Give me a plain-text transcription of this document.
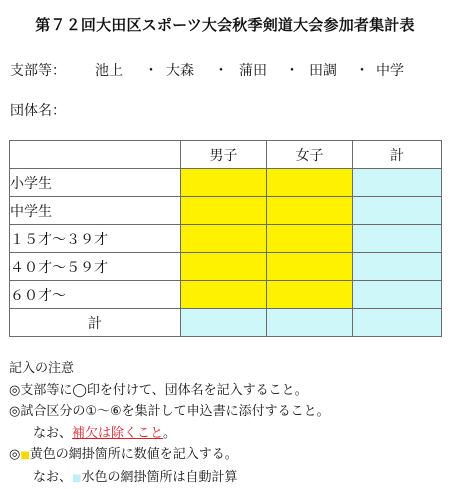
第７２回大田区スポーツ大会秋季剣道大会参加者集計表
支部等： 池上 ・ 大森 ・ 蒲田 ・ 田調 ・ 中学
団体名：
	男子	女子	計
小学生			
中学生			
１５才〜３９才			
４０才〜５９才			
６０才〜			
計			
記入の注意
◎支部等に◯印を付けて、団体名を記入すること。
◎試合区分の①〜⑥を集計して申込書に添付すること。
なお、補欠は除くこと。
◎■黄色の網掛箇所に数値を記入する。
なお、■水色の網掛箇所は自動計算
